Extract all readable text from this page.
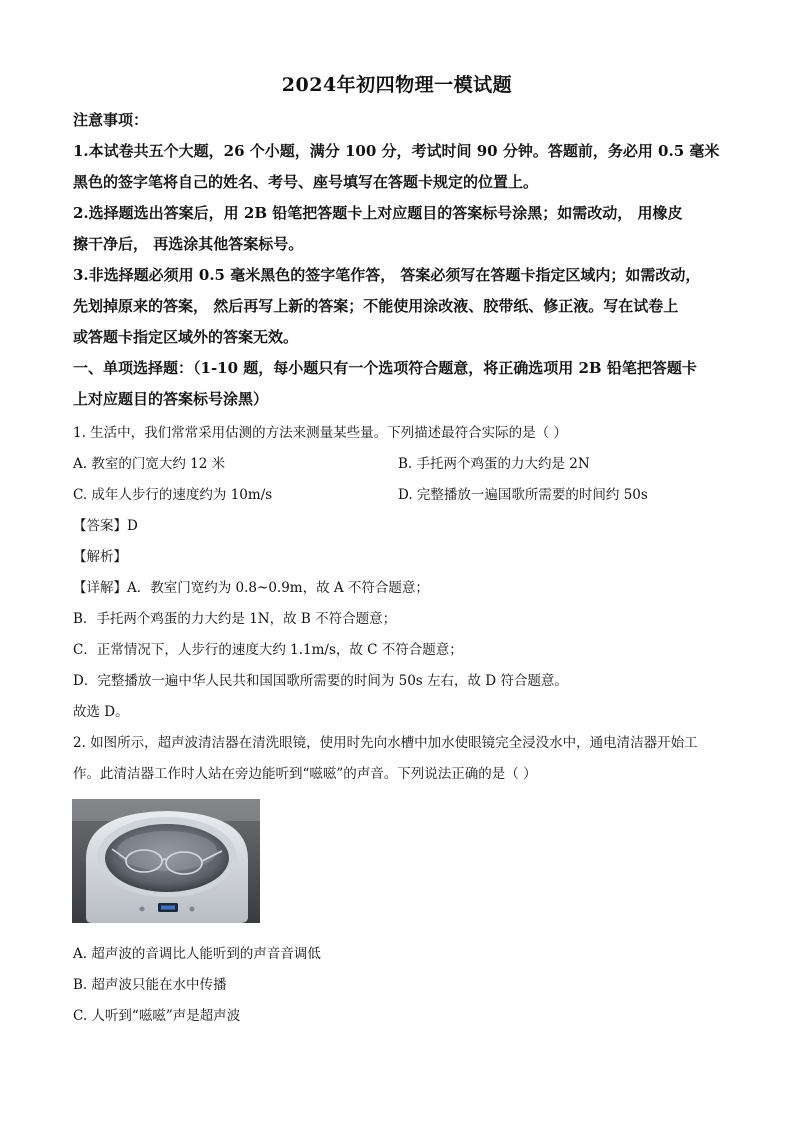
2024年初四物理一模试题
注意事项：
1.本试卷共五个大题，26 个小题，满分 100 分，考试时间 90 分钟。答题前，务必用 0.5 毫米
黑色的签字笔将自己的姓名、考号、座号填写在答题卡规定的位置上。
2.选择题选出答案后，用 2B 铅笔把答题卡上对应题目的答案标号涂黑；如需改动， 用橡皮
擦干净后， 再选涂其他答案标号。
3.非选择题必须用 0.5 毫米黑色的签字笔作答， 答案必须写在答题卡指定区域内；如需改动，
先划掉原来的答案， 然后再写上新的答案；不能使用涂改液、胶带纸、修正液。写在试卷上
或答题卡指定区域外的答案无效。
一、单项选择题：（1-10 题，每小题只有一个选项符合题意，将正确选项用 2B 铅笔把答题卡
上对应题目的答案标号涂黑）
1. 生活中，我们常常采用估测的方法来测量某些量。下列描述最符合实际的是（ ）
A. 教室的门宽大约 12 米	B. 手托两个鸡蛋的力大约是 2N
C. 成年人步行的速度约为 10m/s	D. 完整播放一遍国歌所需要的时间约 50s
【答案】D
【解析】
【详解】A．教室门宽约为 0.8~0.9m，故 A 不符合题意；
B．手托两个鸡蛋的力大约是 1N，故 B 不符合题意；
C．正常情况下，人步行的速度大约 1.1m/s，故 C 不符合题意；
D．完整播放一遍中华人民共和国国歌所需要的时间为 50s 左右，故 D 符合题意。
故选 D。
2. 如图所示，超声波清洁器在清洗眼镜，使用时先向水槽中加水使眼镜完全浸没水中，通电清洁器开始工
作。此清洁器工作时人站在旁边能听到“嗞嗞”的声音。下列说法正确的是（ ）
A. 超声波的音调比人能听到的声音音调低
B. 超声波只能在水中传播
C. 人听到“嗞嗞”声是超声波
